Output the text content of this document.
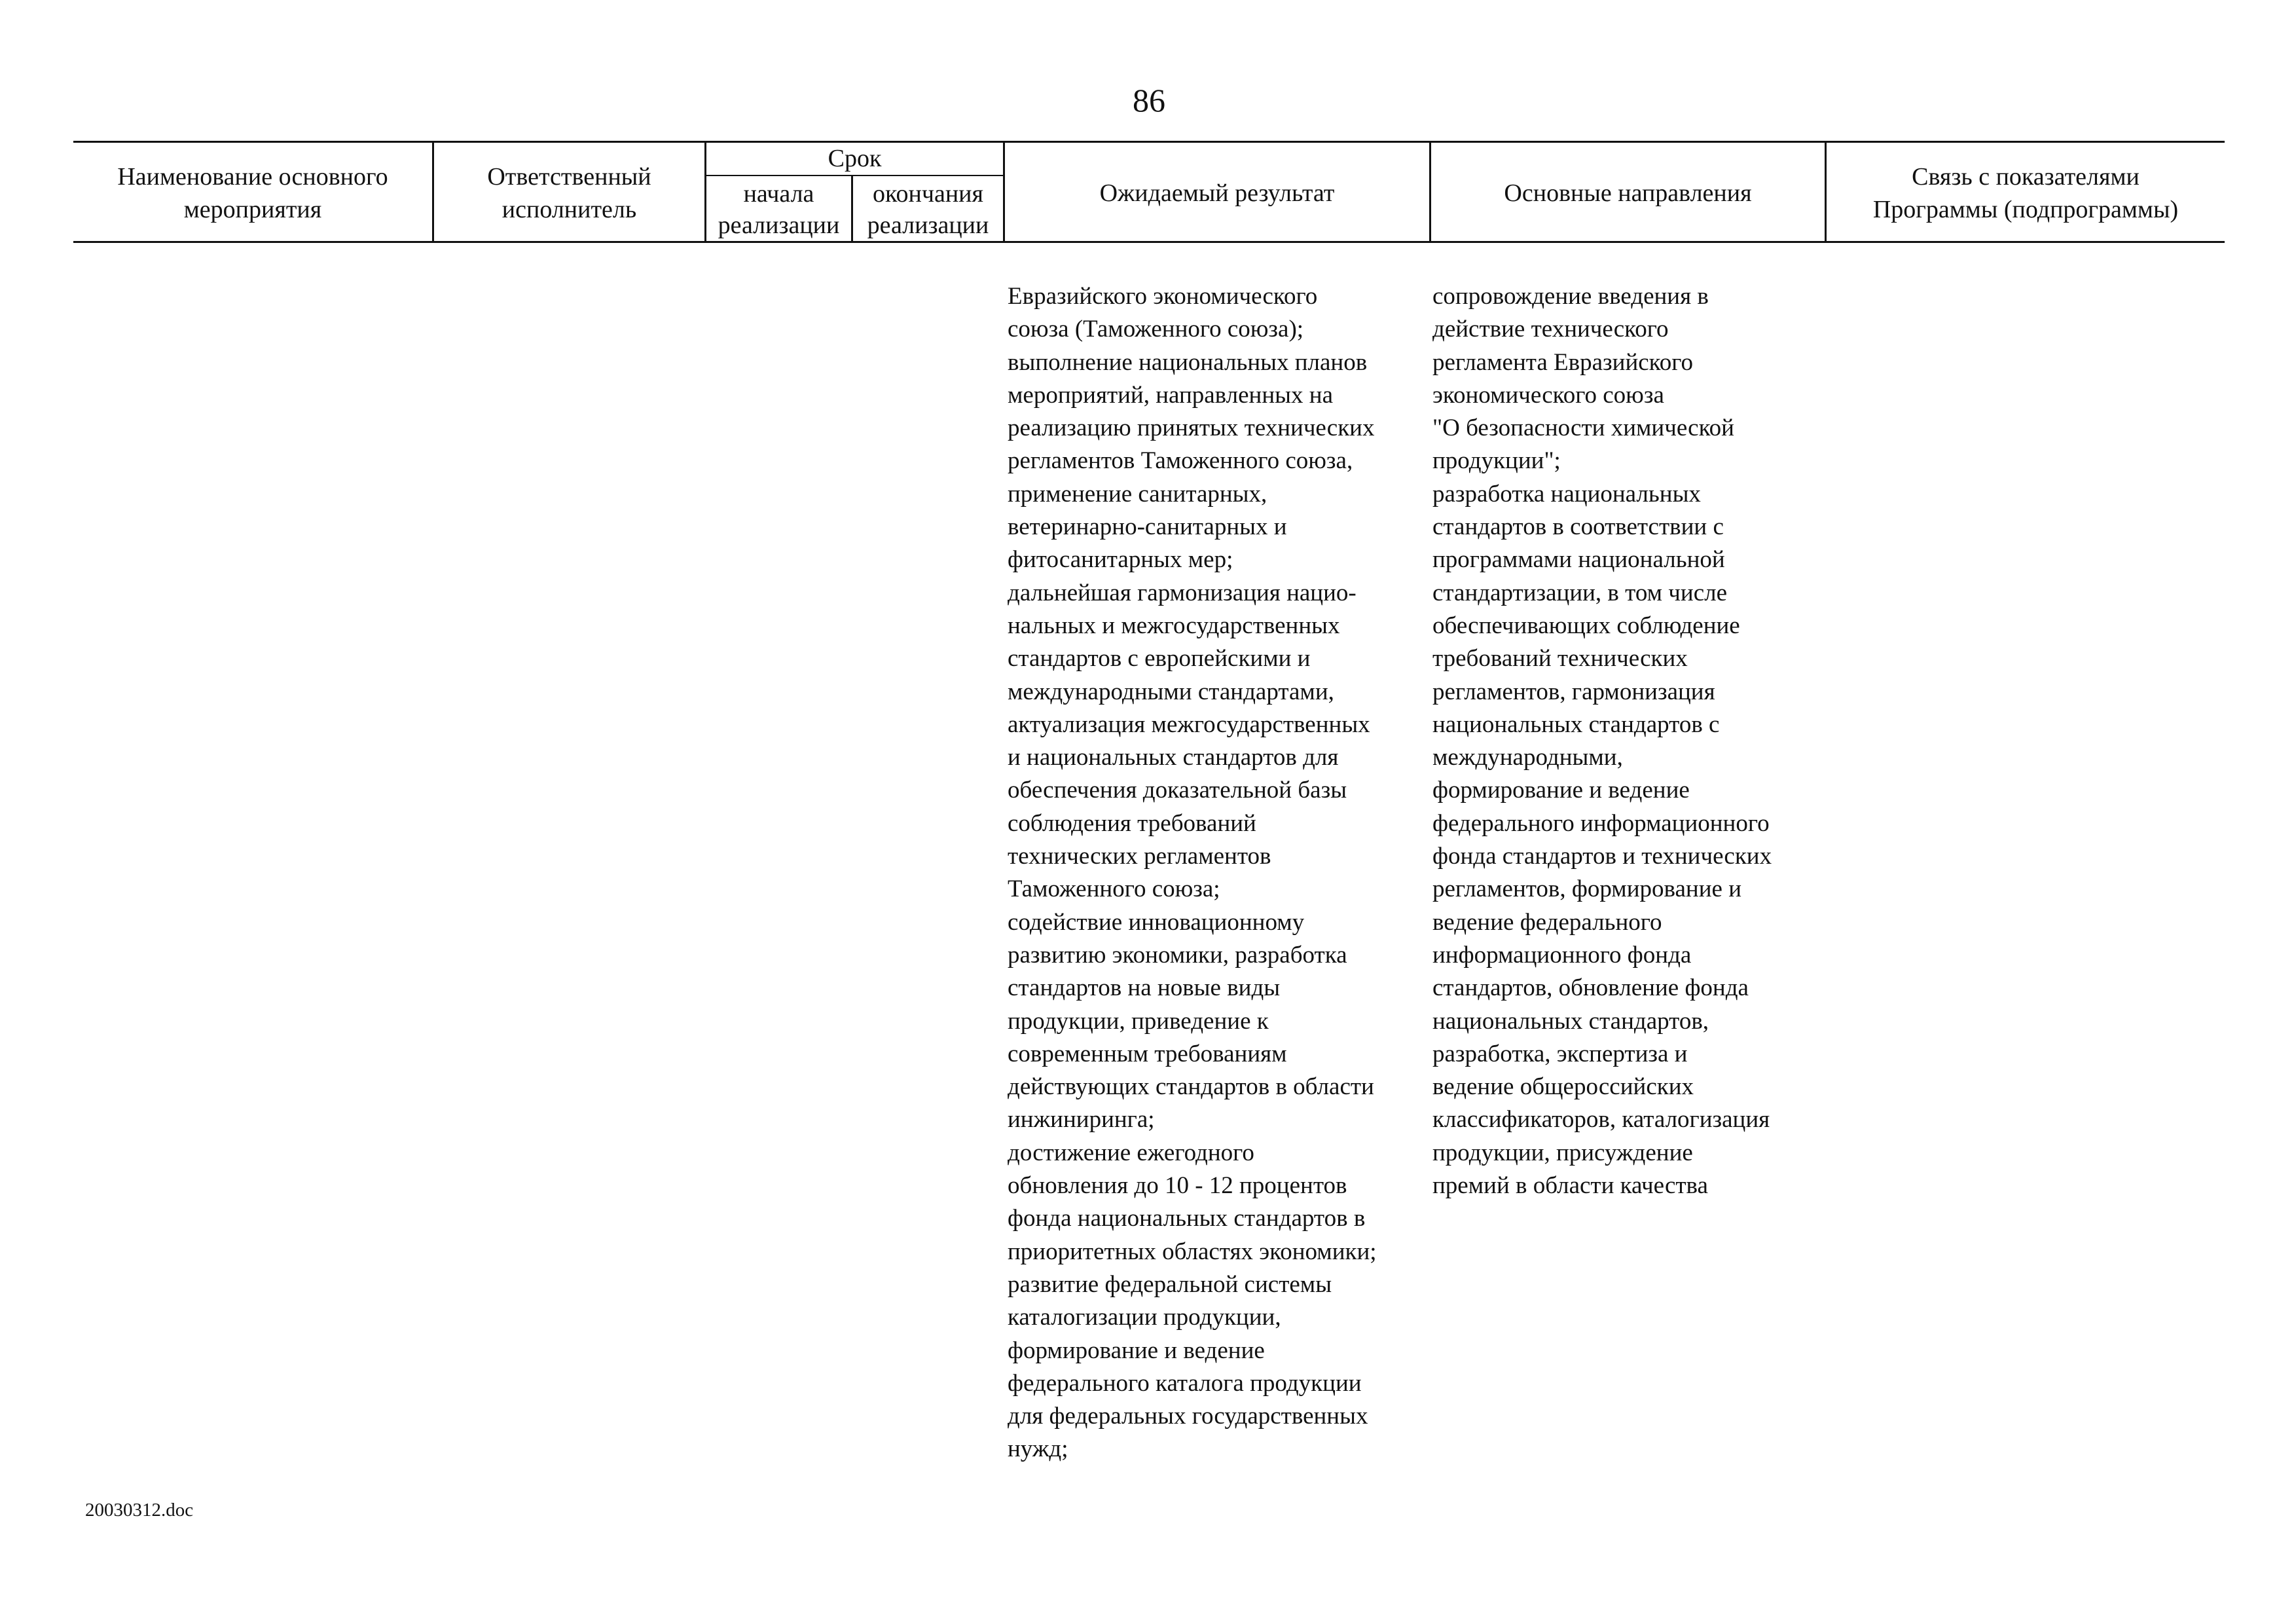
86
Наименование основного
мероприятия
Ответственный
исполнитель
Срок
начала
реализации
окончания
реализации
Ожидаемый результат	Основные направления
Связь с показателями
Программы (подпрограммы)
Евразийского экономического
союза (Таможенного союза);
выполнение национальных планов
мероприятий, направленных на
реализацию принятых технических
регламентов Таможенного союза,
применение санитарных,
ветеринарно-санитарных и
фитосанитарных мер;
дальнейшая гармонизация нацио-
нальных и межгосударственных
стандартов с европейскими и
международными стандартами,
актуализация межгосударственных
и национальных стандартов для
обеспечения доказательной базы
соблюдения требований
технических регламентов
Таможенного союза;
содействие инновационному
развитию экономики, разработка
стандартов на новые виды
продукции, приведение к
современным требованиям
действующих стандартов в области
инжиниринга;
достижение ежегодного
обновления до 10 - 12 процентов
фонда национальных стандартов в
приоритетных областях экономики;
развитие федеральной системы
каталогизации продукции,
формирование и ведение
федерального каталога продукции
для федеральных государственных
нужд;
сопровождение введения в
действие технического
регламента Евразийского
экономического союза
"О безопасности химической
продукции";
разработка национальных
стандартов в соответствии с
программами национальной
стандартизации, в том числе
обеспечивающих соблюдение
требований технических
регламентов, гармонизация
национальных стандартов с
международными,
формирование и ведение
федерального информационного
фонда стандартов и технических
регламентов, формирование и
ведение федерального
информационного фонда
стандартов, обновление фонда
национальных стандартов,
разработка, экспертиза и
ведение общероссийских
классификаторов, каталогизация
продукции, присуждение
премий в области качества
20030312.doc
